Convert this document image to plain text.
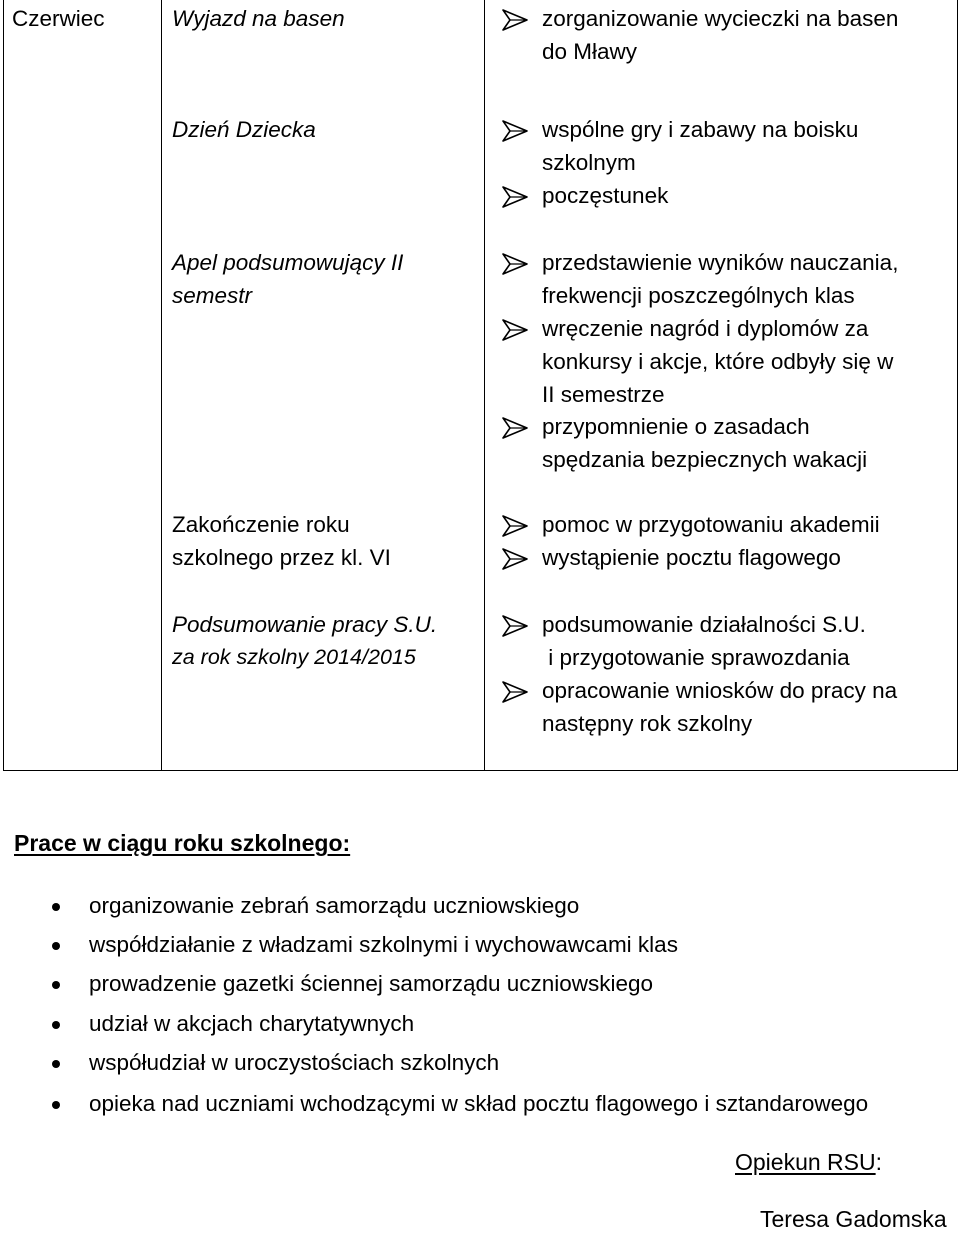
Czerwiec	Wyjazd na basen
Dzień Dziecka
Apel podsumowujący II
semestr
Zakończenie roku
szkolnego przez kl. VI
Podsumowanie pracy S.U.
za rok szkolny 2014/2015
zorganizowanie wycieczki na basen
do Mławy
wspólne gry i zabawy na boisku
szkolnym
poczęstunek
przedstawienie wyników nauczania,
frekwencji poszczególnych klas
wręczenie nagród i dyplomów za
konkursy i akcje, które odbyły się w
II semestrze
przypomnienie o zasadach
spędzania bezpiecznych wakacji
pomoc w przygotowaniu akademii
wystąpienie pocztu flagowego
podsumowanie działalności S.U.
i przygotowanie sprawozdania
opracowanie wniosków do pracy na
następny rok szkolny
Prace w ciągu roku szkolnego:
organizowanie zebrań samorządu uczniowskiego
współdziałanie z władzami szkolnymi i wychowawcami klas
prowadzenie gazetki ściennej samorządu uczniowskiego
udział w akcjach charytatywnych
współudział w uroczystościach szkolnych
opieka nad uczniami wchodzącymi w skład pocztu flagowego i sztandarowego
Opiekun RSU:
Teresa Gadomska
